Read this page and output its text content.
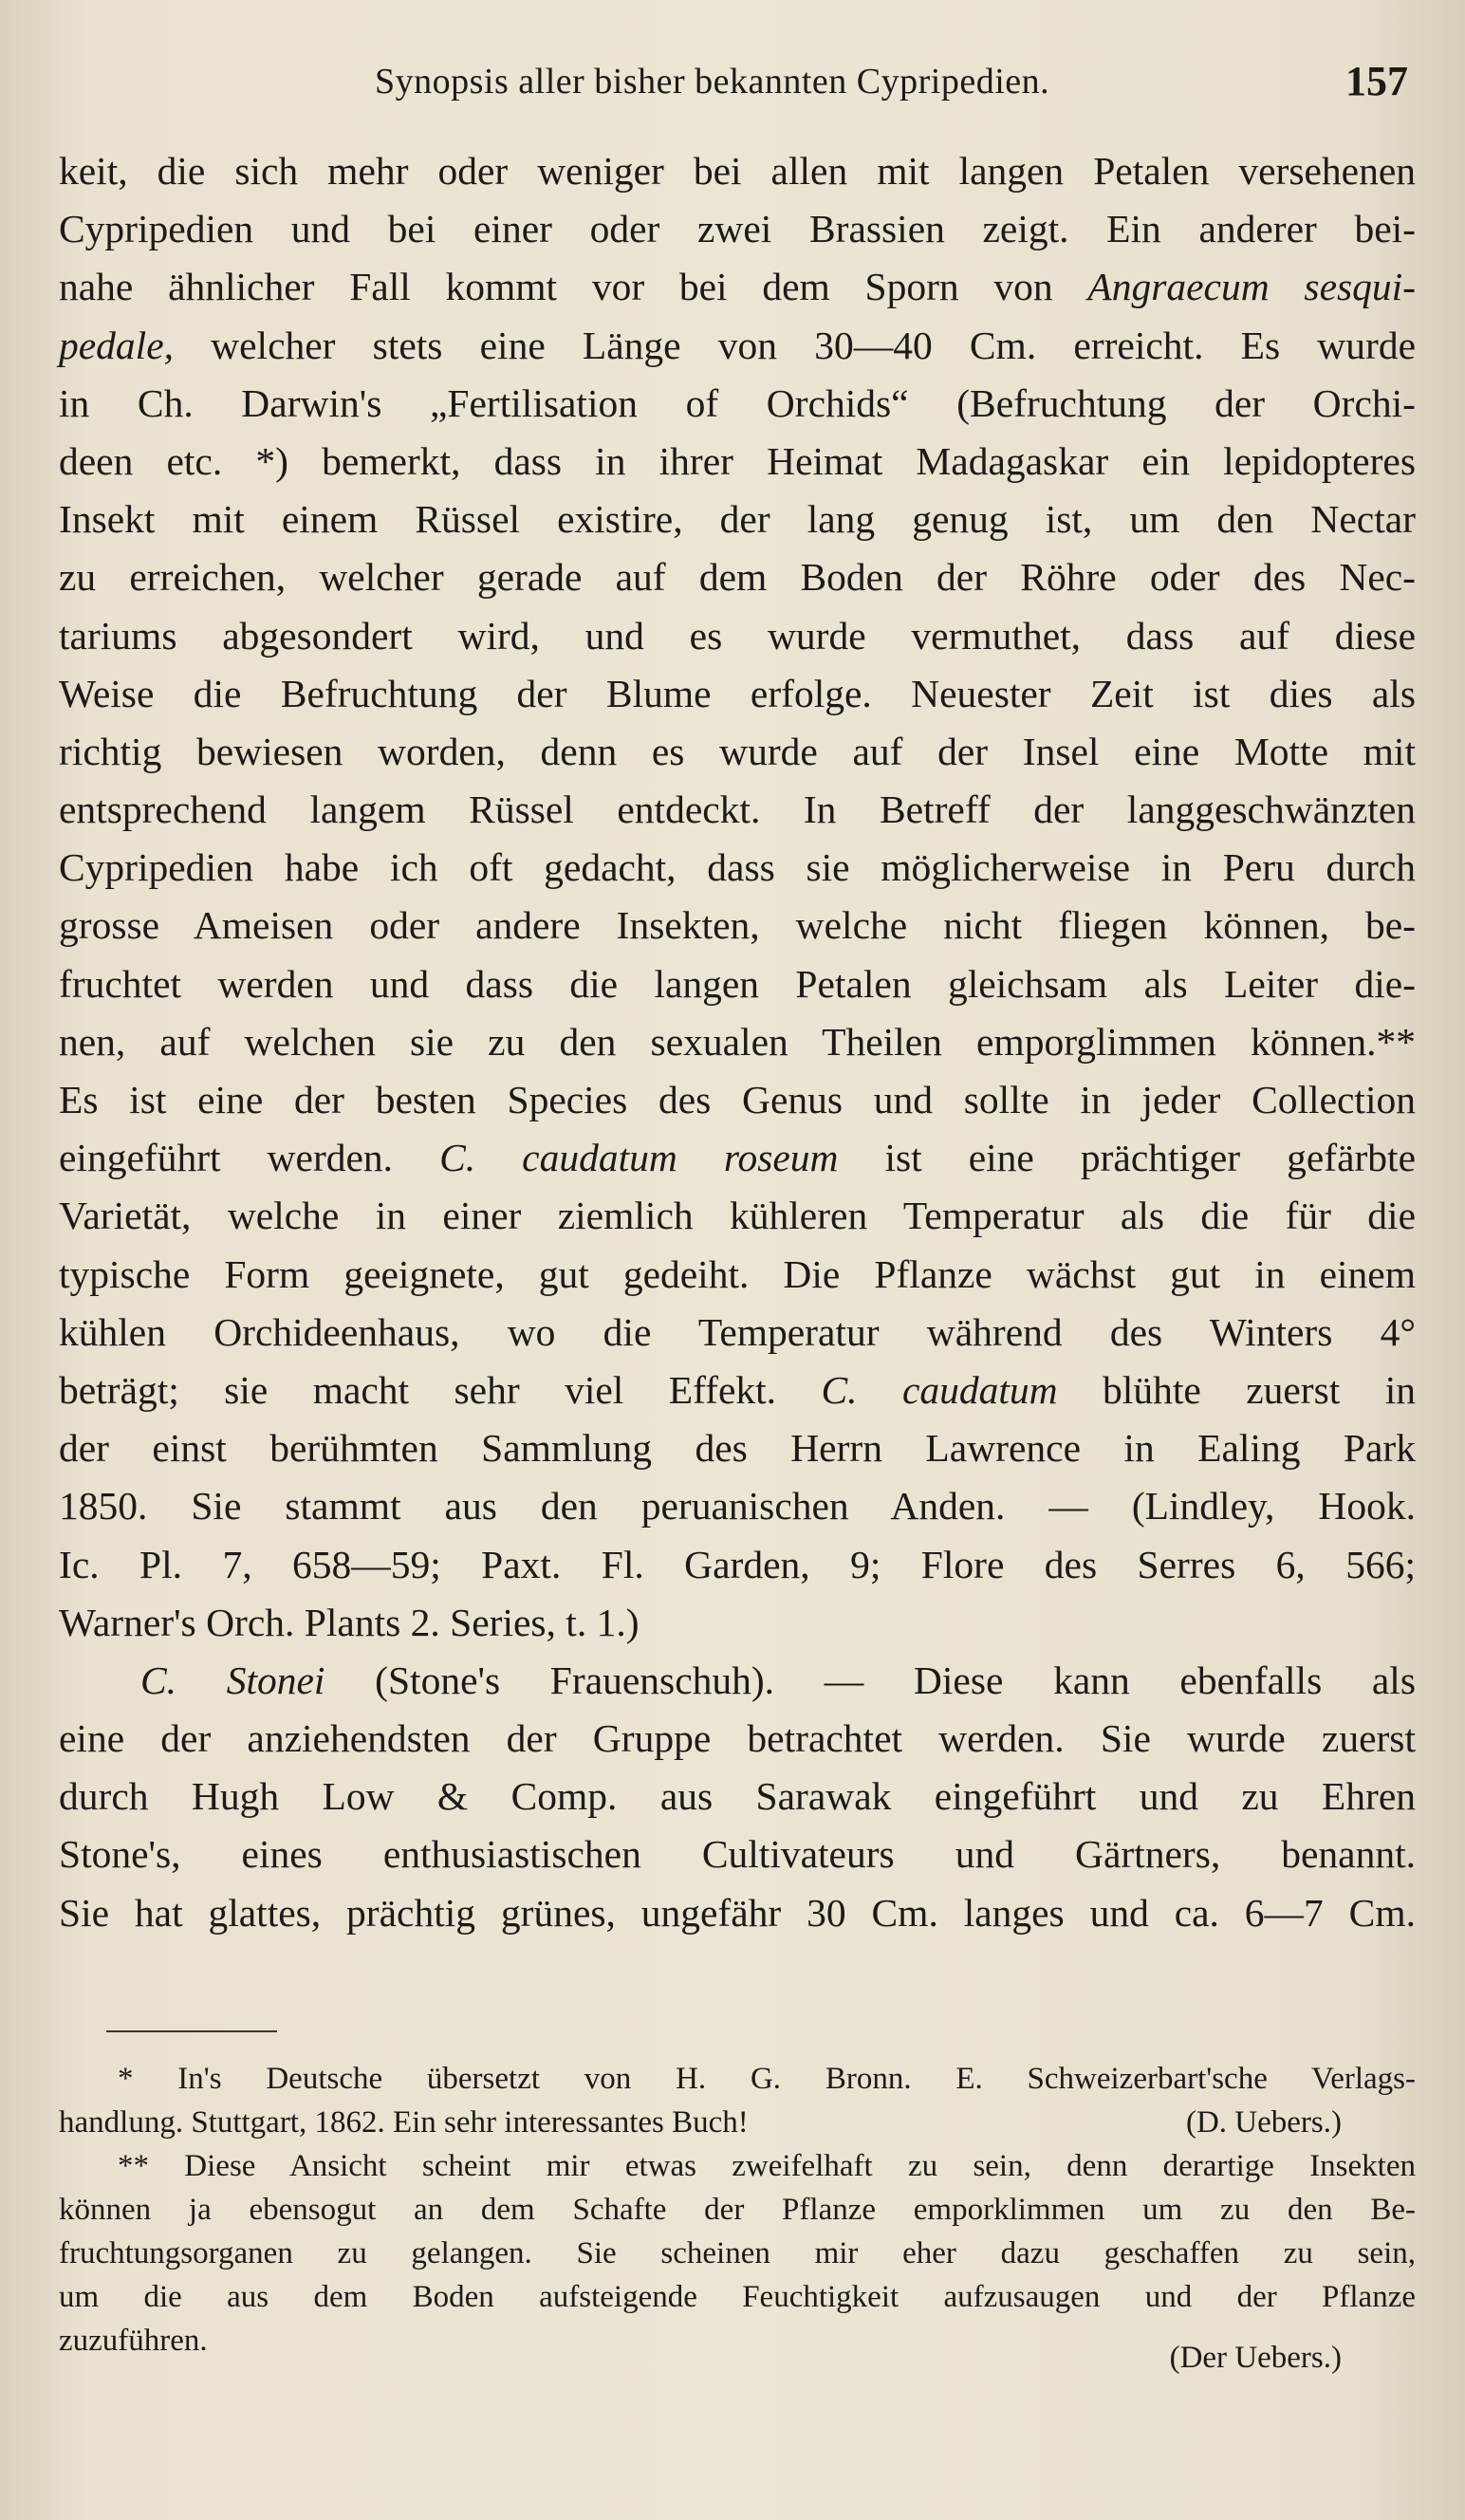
Synopsis aller bisher bekannten Cypripedien.	157
keit, die sich mehr oder weniger bei allen mit langen Petalen versehenen
Cypripedien und bei einer oder zwei Brassien zeigt. Ein anderer bei-
nahe ähnlicher Fall kommt vor bei dem Sporn von Angraecum sesqui-
pedale, welcher stets eine Länge von 30—40 Cm. erreicht. Es wurde
in Ch. Darwin's „Fertilisation of Orchids“ (Befruchtung der Orchi-
deen etc. *) bemerkt, dass in ihrer Heimat Madagaskar ein lepidopteres
Insekt mit einem Rüssel existire, der lang genug ist, um den Nectar
zu erreichen, welcher gerade auf dem Boden der Röhre oder des Nec-
tariums abgesondert wird, und es wurde vermuthet, dass auf diese
Weise die Befruchtung der Blume erfolge. Neuester Zeit ist dies als
richtig bewiesen worden, denn es wurde auf der Insel eine Motte mit
entsprechend langem Rüssel entdeckt. In Betreff der langgeschwänzten
Cypripedien habe ich oft gedacht, dass sie möglicherweise in Peru durch
grosse Ameisen oder andere Insekten, welche nicht fliegen können, be-
fruchtet werden und dass die langen Petalen gleichsam als Leiter die-
nen, auf welchen sie zu den sexualen Theilen emporglimmen können.**
Es ist eine der besten Species des Genus und sollte in jeder Collection
eingeführt werden. C. caudatum roseum ist eine prächtiger gefärbte
Varietät, welche in einer ziemlich kühleren Temperatur als die für die
typische Form geeignete, gut gedeiht. Die Pflanze wächst gut in einem
kühlen Orchideenhaus, wo die Temperatur während des Winters 4°
beträgt; sie macht sehr viel Effekt. C. caudatum blühte zuerst in
der einst berühmten Sammlung des Herrn Lawrence in Ealing Park
1850. Sie stammt aus den peruanischen Anden. — (Lindley, Hook.
Ic. Pl. 7, 658—59; Paxt. Fl. Garden, 9; Flore des Serres 6, 566;
Warner's Orch. Plants 2. Series, t. 1.)
C. Stonei (Stone's Frauenschuh). — Diese kann ebenfalls als
eine der anziehendsten der Gruppe betrachtet werden. Sie wurde zuerst
durch Hugh Low & Comp. aus Sarawak eingeführt und zu Ehren
Stone's, eines enthusiastischen Cultivateurs und Gärtners, benannt.
Sie hat glattes, prächtig grünes, ungefähr 30 Cm. langes und ca. 6—7 Cm.
* In's Deutsche übersetzt von H. G. Bronn. E. Schweizerbart'sche Verlags-
handlung. Stuttgart, 1862. Ein sehr interessantes Buch!	(D. Uebers.)
** Diese Ansicht scheint mir etwas zweifelhaft zu sein, denn derartige Insekten
können ja ebensogut an dem Schafte der Pflanze emporklimmen um zu den Be-
fruchtungsorganen zu gelangen. Sie scheinen mir eher dazu geschaffen zu sein,
um die aus dem Boden aufsteigende Feuchtigkeit aufzusaugen und der Pflanze
zuzuführen.	(Der Uebers.)
